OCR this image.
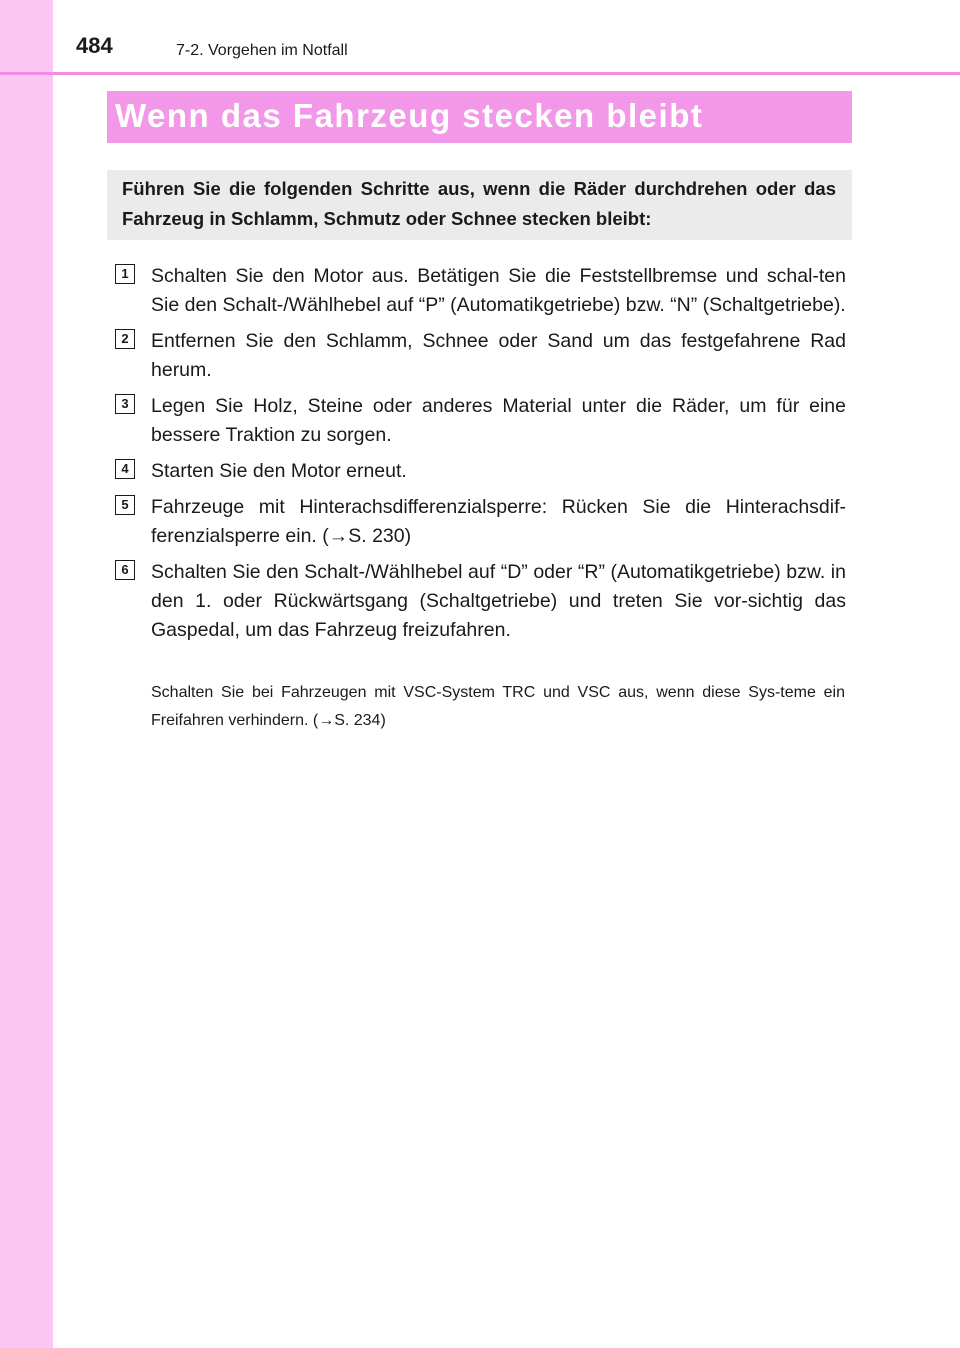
484	7-2. Vorgehen im Notfall
Wenn das Fahrzeug stecken bleibt
Führen Sie die folgenden Schritte aus, wenn die Räder durchdrehen oder das Fahrzeug in Schlamm, Schmutz oder Schnee stecken bleibt:
1	Schalten Sie den Motor aus. Betätigen Sie die Feststellbremse und schal-ten Sie den Schalt-/Wählhebel auf “P” (Automatikgetriebe) bzw. “N” (Schaltgetriebe).
2	Entfernen Sie den Schlamm, Schnee oder Sand um das festgefahrene Rad herum.
3	Legen Sie Holz, Steine oder anderes Material unter die Räder, um für eine bessere Traktion zu sorgen.
4	Starten Sie den Motor erneut.
5	Fahrzeuge mit Hinterachsdifferenzialsperre: Rücken Sie die Hinterachsdif-ferenzialsperre ein. (→S. 230)
6	Schalten Sie den Schalt-/Wählhebel auf “D” oder “R” (Automatikgetriebe) bzw. in den 1. oder Rückwärtsgang (Schaltgetriebe) und treten Sie vor-sichtig das Gaspedal, um das Fahrzeug freizufahren.
Schalten Sie bei Fahrzeugen mit VSC-System TRC und VSC aus, wenn diese Sys-teme ein Freifahren verhindern. (→S. 234)
